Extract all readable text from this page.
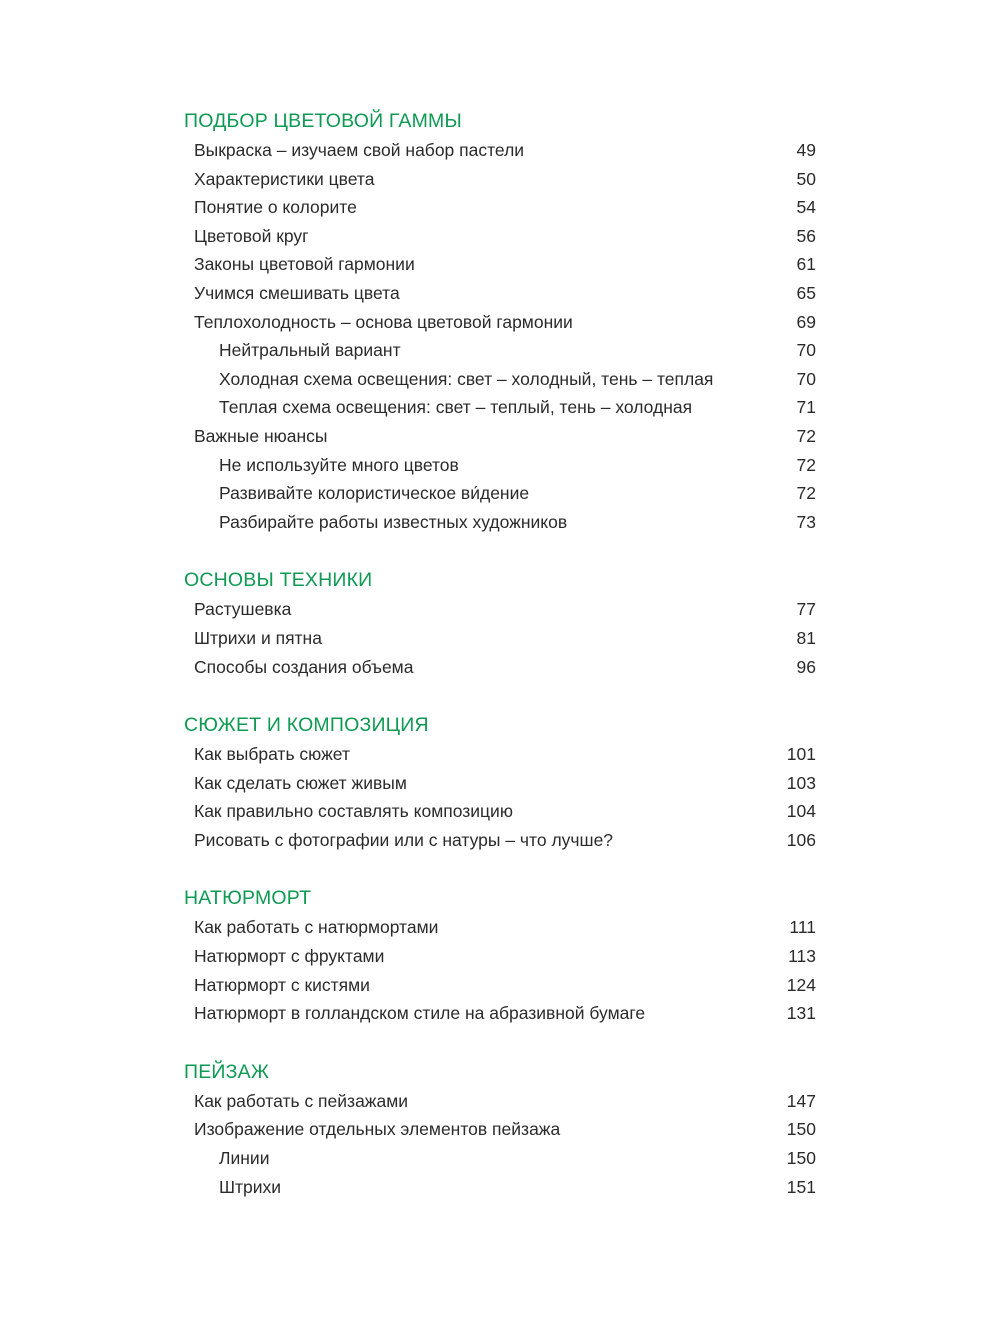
ПОДБОР ЦВЕТОВОЙ ГАММЫ
Выкраска – изучаем свой набор пастели	49
Характеристики цвета	50
Понятие о колорите	54
Цветовой круг	56
Законы цветовой гармонии	61
Учимся смешивать цвета	65
Теплохолодность – основа цветовой гармонии	69
Нейтральный вариант	70
Холодная схема освещения: свет – холодный, тень – теплая	70
Теплая схема освещения: свет – теплый, тень – холодная	71
Важные нюансы	72
Не используйте много цветов	72
Развивайте колористическое ви́дение	72
Разбирайте работы известных художников	73
ОСНОВЫ ТЕХНИКИ
Растушевка	77
Штрихи и пятна	81
Способы создания объема	96
СЮЖЕТ И КОМПОЗИЦИЯ
Как выбрать сюжет	101
Как сделать сюжет живым	103
Как правильно составлять композицию	104
Рисовать с фотографии или с натуры – что лучше?	106
НАТЮРМОРТ
Как работать с натюрмортами	111
Натюрморт с фруктами	113
Натюрморт с кистями	124
Натюрморт в голландском стиле на абразивной бумаге	131
ПЕЙЗАЖ
Как работать с пейзажами	147
Изображение отдельных элементов пейзажа	150
Линии	150
Штрихи	151
